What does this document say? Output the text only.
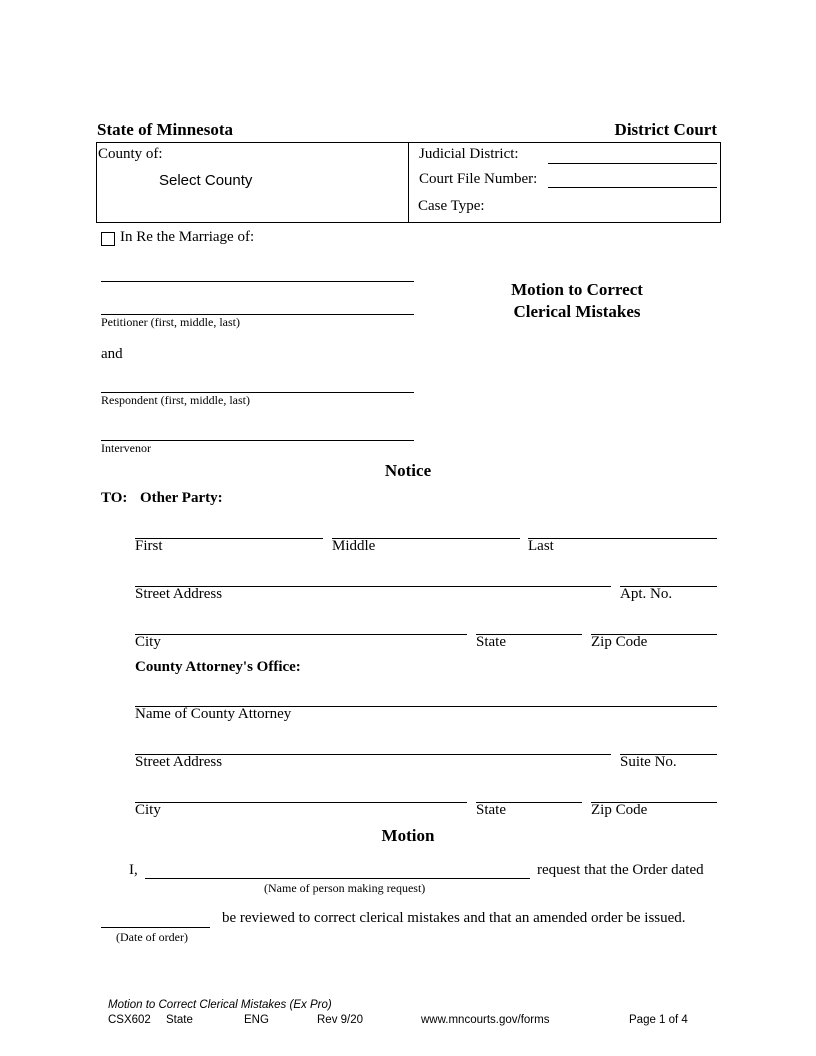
State of Minnesota	District Court
County of:
Select County
Judicial District:
Court File Number:
Case Type:
In Re the Marriage of:
Petitioner (first, middle, last)
and
Respondent (first, middle, last)
Intervenor
Motion to Correct
Clerical Mistakes
Notice
TO: Other Party:
First	Middle	Last
Street Address	Apt. No.
City	State	Zip Code
County Attorney's Office:
Name of County Attorney
Street Address	Suite No.
City	State	Zip Code
Motion
I,	request that the Order dated
(Name of person making request)
be reviewed to correct clerical mistakes and that an amended order be issued.
(Date of order)
Motion to Correct Clerical Mistakes (Ex Pro)
CSX602 State	ENG	Rev 9/20	www.mncourts.gov/forms	Page 1 of 4
